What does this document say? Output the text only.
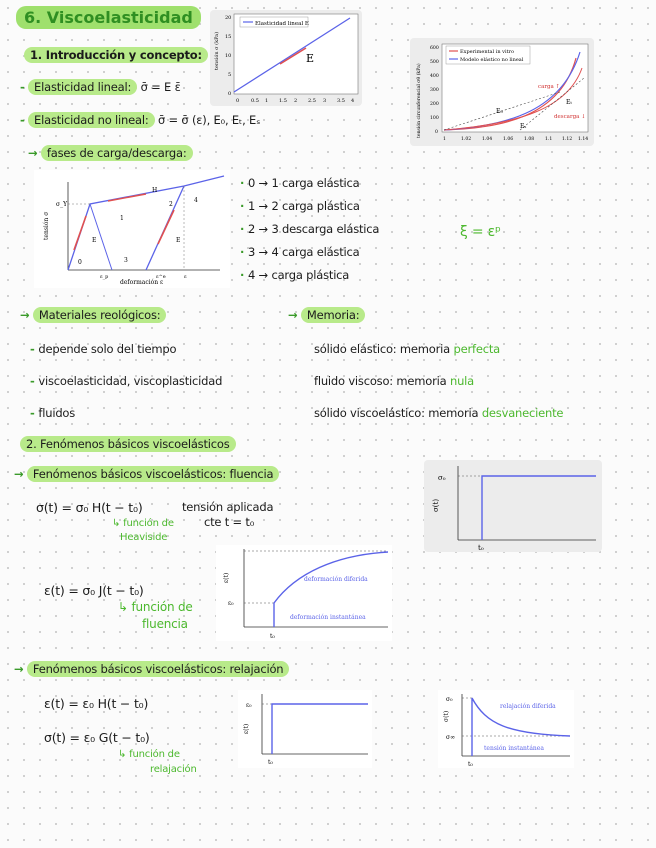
6. Viscoelasticidad
1. Introducción y concepto:
- Elasticidad lineal: σ̄ = E ε̄
- Elasticidad no lineal: σ̄ = σ̄ (ε), E₀, Eₜ, Eₛ
→ fases de carga/descarga:
E
Elasticidad lineal E
tensión σ (kPa)
0 0.5 1 1.5 2 2.5 3 3.5 4
0
5
10
15
20
E₀
Eₜ
Eₛ
carga ↑
descarga ↓
Experimental in vitro
Modelo elástico no lineal
tensión circunferencial σθ (kPa)
1	1.02 1.04 1.06 1.08 1.1 1.12 1.14
0
100
200
300
400
500
600
σ_Y
tensión σ
deformación ε
0
1
2
3
4
E	E
H
ε_p	ε^e	ε
· 0 → 1 carga elástica
· 1 → 2 carga plástica
· 2 → 3 descarga elástica
· 3 → 4 carga elástica
· 4 → carga plástica
ξ = εᵖ
→ Materiales reológicos:
- depende solo del tiempo
- viscoelasticidad, viscoplasticidad
- fluidos
→ Memoria:
sólido elástico: memoria perfecta
fluido viscoso: memoria nula
sólido viscoelástico: memoria desvaneciente
2. Fenómenos básicos viscoelásticos
→ Fenómenos básicos viscoelásticos: fluencia
σ(t) = σ₀ H(t − t₀)	tensión aplicada
cte t = t₀
↳ función de
Heaviside
ε(t) = σ₀ J(t − t₀)
↳ función de
fluencia
σ₀
σ(t)
t₀
ε₀
ε(t)
t₀
deformación diferida
deformación instantánea
→ Fenómenos básicos viscoelásticos: relajación
ε(t) = ε₀ H(t − t₀)
σ(t) = ε₀ G(t − t₀)
↳ función de
relajación
ε₀
ε(t)
t₀
σ₀
σ∞
σ(t)
t₀
relajación diferida
tensión instantánea
